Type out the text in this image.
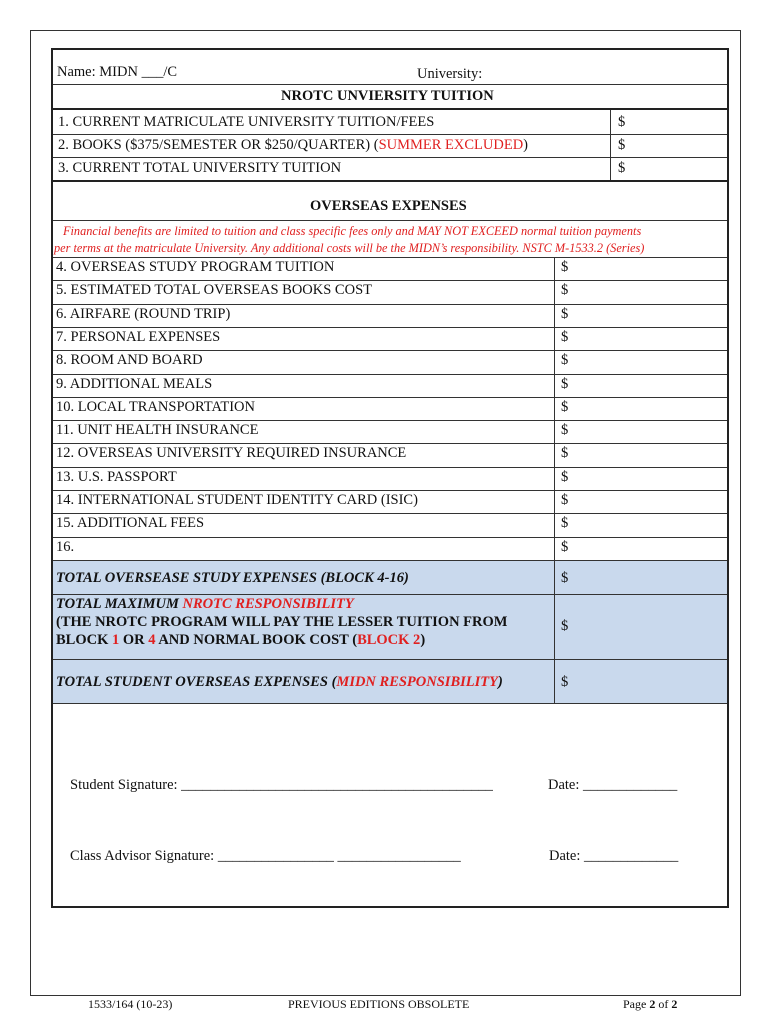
Name: MIDN ___/C	University:
NROTC UNVIERSITY TUITION
1. CURRENT MATRICULATE UNIVERSITY TUITION/FEES	$
2. BOOKS ($375/SEMESTER OR $250/QUARTER) (SUMMER EXCLUDED)	$
3. CURRENT TOTAL UNIVERSITY TUITION	$
OVERSEAS EXPENSES
Financial benefits are limited to tuition and class specific fees only and MAY NOT EXCEED normal tuition payments
per terms at the matriculate University. Any additional costs will be the MIDN’s responsibility. NSTC M-1533.2 (Series)
4. OVERSEAS STUDY PROGRAM TUITION	$
5. ESTIMATED TOTAL OVERSEAS BOOKS COST	$
6. AIRFARE (ROUND TRIP)	$
7. PERSONAL EXPENSES	$
8. ROOM AND BOARD	$
9. ADDITIONAL MEALS	$
10. LOCAL TRANSPORTATION	$
11. UNIT HEALTH INSURANCE	$
12. OVERSEAS UNIVERSITY REQUIRED INSURANCE	$
13. U.S. PASSPORT	$
14. INTERNATIONAL STUDENT IDENTITY CARD (ISIC)	$
15. ADDITIONAL FEES	$
16.	$
TOTAL OVERSEASE STUDY EXPENSES (BLOCK 4-16)	$
TOTAL MAXIMUM NROTC RESPONSIBILITY
(THE NROTC PROGRAM WILL PAY THE LESSER TUITION FROM
BLOCK 1 OR 4 AND NORMAL BOOK COST (BLOCK 2)
$
TOTAL STUDENT OVERSEAS EXPENSES (MIDN RESPONSIBILITY)	$
Student Signature: ___________________________________________	Date: _____________
Class Advisor Signature: ________________ _________________	Date: _____________
1533/164 (10-23)	PREVIOUS EDITIONS OBSOLETE	Page 2 of 2
